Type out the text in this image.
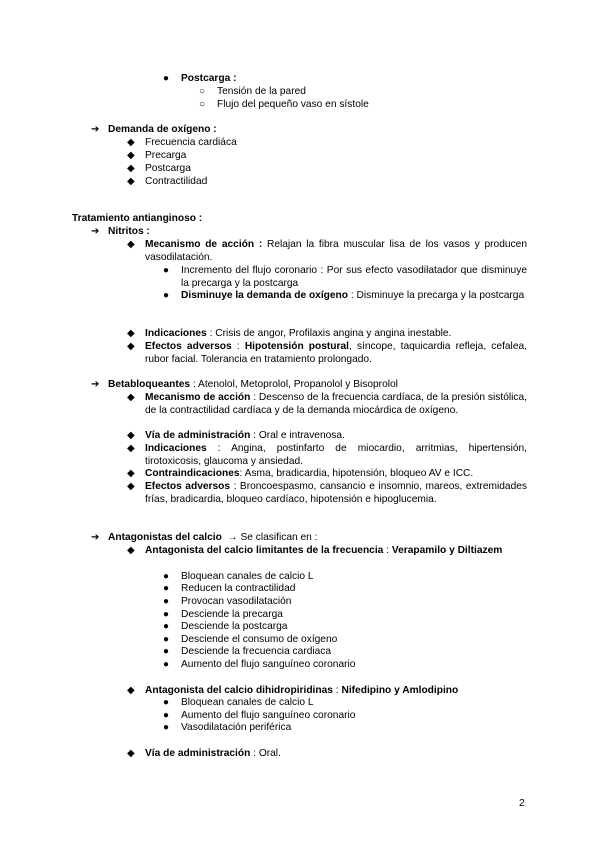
● Postcarga :
○ Tensión de la pared
○ Flujo del pequeño vaso en sístole
➔ Demanda de oxígeno :
◆ Frecuencia cardiáca
◆ Precarga
◆ Postcarga
◆ Contractilidad
Tratamiento antianginoso :
➔ Nitritos :
◆ Mecanismo de acción : Relajan la fibra muscular lisa de los vasos y producen vasodilatación.
● Incremento del flujo coronario : Por sus efecto vasodilatador que disminuye la precarga y la postcarga
● Disminuye la demanda de oxígeno : Disminuye la precarga y la postcarga
◆ Indicaciones : Crisis de angor, Profilaxis angina y angina inestable.
◆ Efectos adversos : Hipotensión postural, síncope, taquicardia refleja, cefalea, rubor facial. Tolerancia en tratamiento prolongado.
➔ Betabloqueantes : Atenolol, Metoprolol, Propanolol y Bisoprolol
◆ Mecanismo de acción : Descenso de la frecuencia cardíaca, de la presión sistólica, de la contractilidad cardíaca y de la demanda miocárdica de oxígeno.
◆ Vía de administración : Oral e intravenosa.
◆ Indicaciones : Angina, postinfarto de miocardio, arritmias, hipertensión, tirotoxicosis, glaucoma y ansiedad.
◆ Contraindicaciones: Asma, bradicardia, hipotensión, bloqueo AV e ICC.
◆ Efectos adversos : Broncoespasmo, cansancio e insomnio, mareos, extremidades frías, bradicardia, bloqueo cardíaco, hipotensión e hipoglucemia.
➔ Antagonistas del calcio → Se clasifican en :
◆ Antagonista del calcio limitantes de la frecuencia : Verapamilo y Diltiazem
● Bloquean canales de calcio L
● Reducen la contractilidad
● Provocan vasodilatación
● Desciende la precarga
● Desciende la postcarga
● Desciende el consumo de oxígeno
● Desciende la frecuencia cardiaca
● Aumento del flujo sanguíneo coronario
◆ Antagonista del calcio dihidropiridinas : Nifedipino y Amlodipino
● Bloquean canales de calcio L
● Aumento del flujo sanguíneo coronario
● Vasodilatación periférica
◆ Vía de administración : Oral.
2
